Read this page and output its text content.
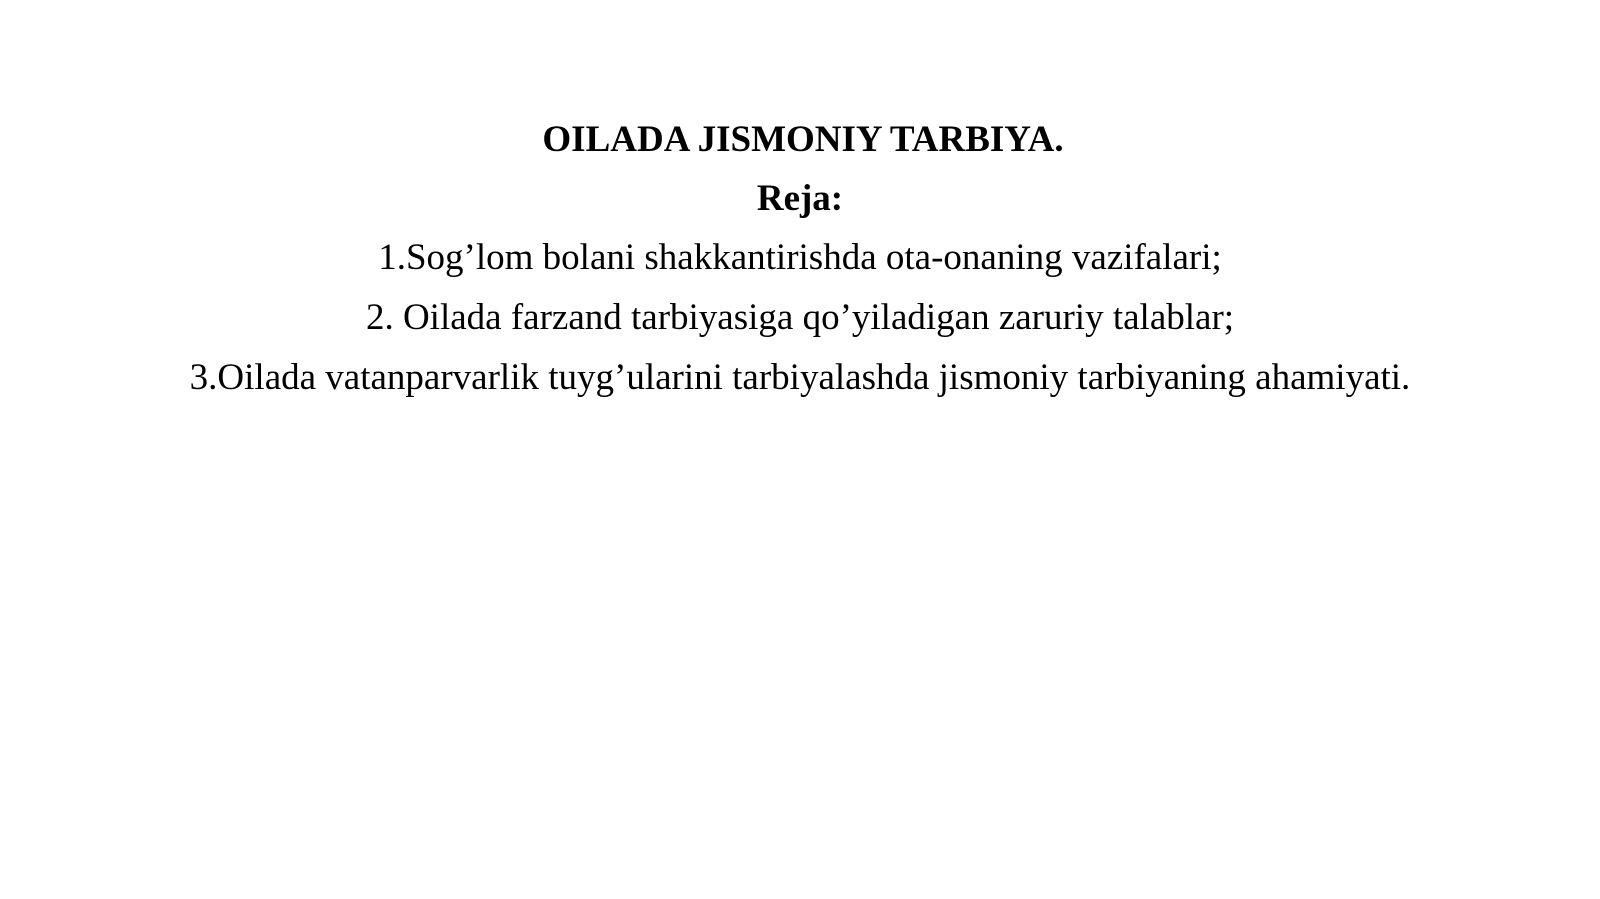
OILADA JISMONIY TARBIYA.
Reja:
1.Sog’lom bolani shakkantirishda ota-onaning vazifalari;
2. Oilada farzand tarbiyasiga qo’yiladigan zaruriy talablar;
3.Oilada vatanparvarlik tuyg’ularini tarbiyalashda jismoniy tarbiyaning ahamiyati.
